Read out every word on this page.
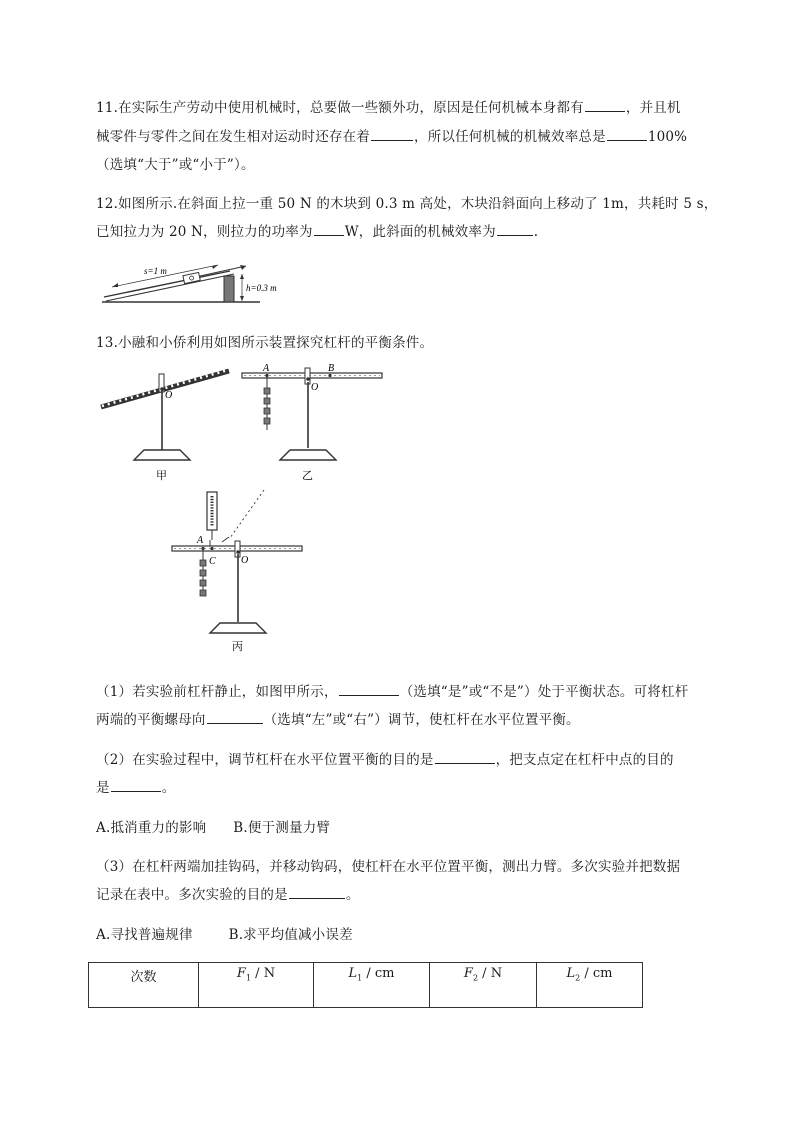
11.在实际生产劳动中使用机械时，总要做一些额外功，原因是任何机械本身都有	，并且机
械零件与零件之间在发生相对运动时还存在着	，所以任何机械的机械效率总是	100%
（选填“大于”或“小于”）。
12.如图所示.在斜面上拉一重 50 N 的木块到 0.3 m 高处，木块沿斜面向上移动了 1m，共耗时 5 s，
已知拉力为 20 N，则拉力的功率为 W，此斜面的机械效率为	.
s=1 m
h=0.3 m
13.小融和小侨利用如图所示装置探究杠杆的平衡条件。
O
甲
A	B
O
乙
A
C	O
丙
（1）若实验前杠杆静止，如图甲所示，	（选填“是”或“不是”）处于平衡状态。可将杠杆
两端的平衡螺母向	（选填“左”或“右”）调节，使杠杆在水平位置平衡。
（2）在实验过程中，调节杠杆在水平位置平衡的目的是	，把支点定在杠杆中点的目的
是	。
A.抵消重力的影响      B.便于测量力臂
（3）在杠杆两端加挂钩码，并移动钩码，使杠杆在水平位置平衡，测出力臂。多次实验并把数据
记录在表中。多次实验的目的是	。
A.寻找普遍规律        B.求平均值减小误差
次数	$F_1$ / N	$L_1$ / cm	$F_2$ / N	$L_2$ / cm
